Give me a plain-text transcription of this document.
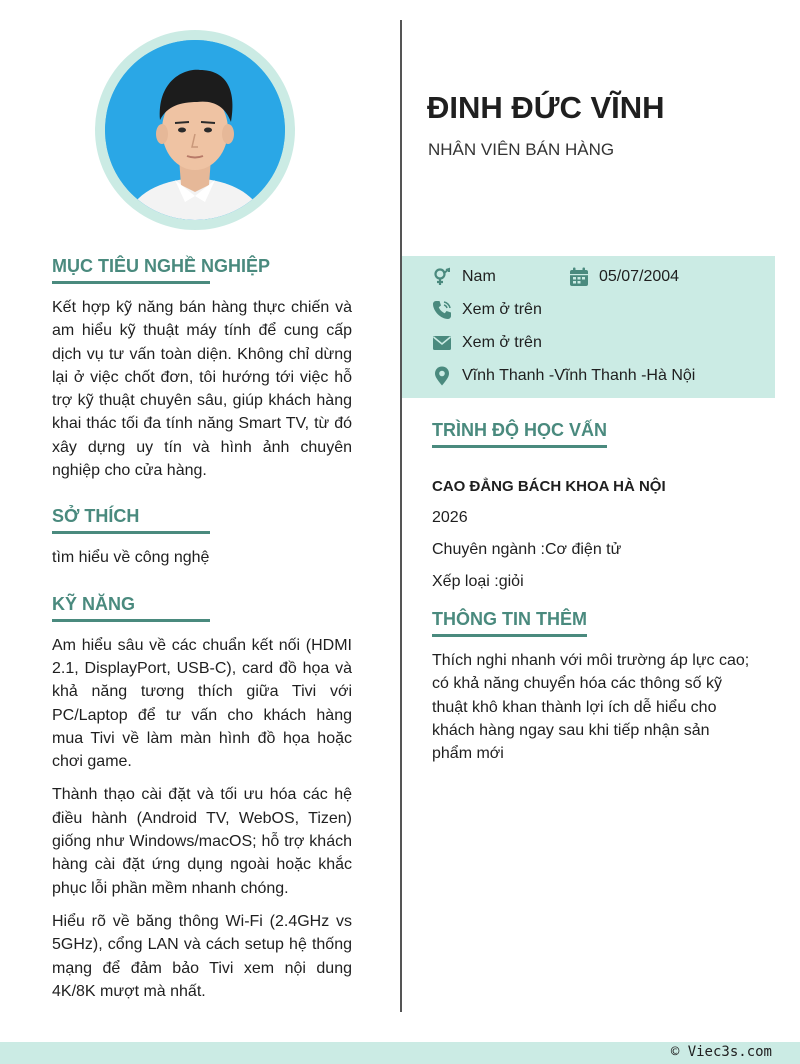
MỤC TIÊU NGHỀ NGHIỆP

Kết hợp kỹ năng bán hàng thực chiến và am hiểu kỹ thuật máy tính để cung cấp dịch vụ tư vấn toàn diện. Không chỉ dừng lại ở việc chốt đơn, tôi hướng tới việc hỗ trợ kỹ thuật chuyên sâu, giúp khách hàng khai thác tối đa tính năng Smart TV, từ đó xây dựng uy tín và hình ảnh chuyên nghiệp cho cửa hàng.

SỞ THÍCH

tìm hiểu về công nghệ

KỸ NĂNG

Am hiểu sâu về các chuẩn kết nối (HDMI 2.1, DisplayPort, USB-C), card đồ họa và khả năng tương thích giữa Tivi với PC/Laptop để tư vấn cho khách hàng mua Tivi về làm màn hình đồ họa hoặc chơi game.

Thành thạo cài đặt và tối ưu hóa các hệ điều hành (Android TV, WebOS, Tizen) giống như Windows/macOS; hỗ trợ khách hàng cài đặt ứng dụng ngoài hoặc khắc phục lỗi phần mềm nhanh chóng.

Hiểu rõ về băng thông Wi-Fi (2.4GHz vs 5GHz), cổng LAN và cách setup hệ thống mạng để đảm bảo Tivi xem nội dung 4K/8K mượt mà nhất.

ĐINH ĐỨC VĨNH
NHÂN VIÊN BÁN HÀNG
Nam	05/07/2004
Xem ở trên
Xem ở trên
Vĩnh Thanh -Vĩnh Thanh -Hà Nội
TRÌNH ĐỘ HỌC VẤN
CAO ĐẲNG BÁCH KHOA HÀ NỘI
2026
Chuyên ngành :Cơ điện tử
Xếp loại :giỏi
THÔNG TIN THÊM

Thích nghi nhanh với môi trường áp lực cao; có khả năng chuyển hóa các thông số kỹ thuật khô khan thành lợi ích dễ hiểu cho khách hàng ngay sau khi tiếp nhận sản phẩm mới

© Viec3s.com
